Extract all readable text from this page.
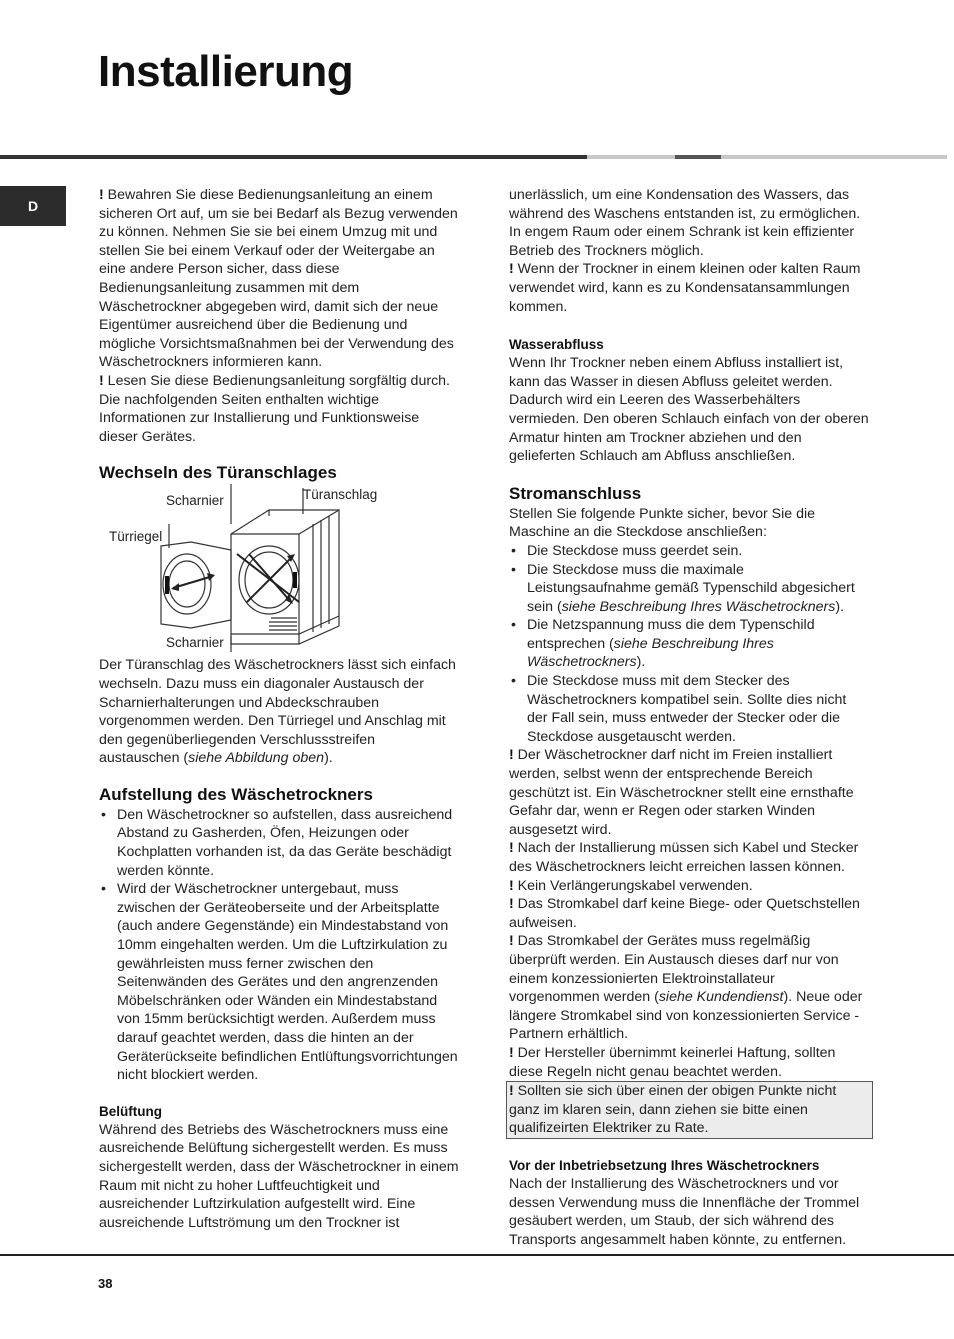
Installierung
D

! Bewahren Sie diese Bedienungsanleitung an einem sicheren Ort auf, um sie bei Bedarf als Bezug verwenden zu können. Nehmen Sie sie bei einem Umzug mit und stellen Sie bei einem Verkauf oder der Weitergabe an eine andere Person sicher, dass diese Bedienungsanleitung zusammen mit dem Wäschetrockner abgegeben wird, damit sich der neue Eigentümer ausreichend über die Bedienung und mögliche Vorsichtsmaßnahmen bei der Verwendung des Wäschetrockners informieren kann.

! Lesen Sie diese Bedienungsanleitung sorgfältig durch. Die nachfolgenden Seiten enthalten wichtige Informationen zur Installierung und Funktionsweise dieser Gerätes.

Wechseln des Türanschlages
Scharnier	Türanschlag
Türriegel
Scharnier

Der Türanschlag des Wäschetrockners lässt sich einfach wechseln. Dazu muss ein diagonaler Austausch der Scharnierhalterungen und Abdeckschrauben vorgenommen werden. Den Türriegel und Anschlag mit den gegenüberliegenden Verschlussstreifen austauschen (siehe Abbildung oben).

Aufstellung des Wäschetrockners
• Den Wäschetrockner so aufstellen, dass ausreichend Abstand zu Gasherden, Öfen, Heizungen oder Kochplatten vorhanden ist, da das Geräte beschädigt werden könnte.
• Wird der Wäschetrockner untergebaut, muss zwischen der Geräteoberseite und der Arbeitsplatte (auch andere Gegenstände) ein Mindestabstand von 10mm eingehalten werden. Um die Luftzirkulation zu gewährleisten muss ferner zwischen den Seitenwänden des Gerätes und den angrenzenden Möbelschränken oder Wänden ein Mindestabstand von 15mm berücksichtigt werden. Außerdem muss darauf geachtet werden, dass die hinten an der Geräterückseite befindlichen Entlüftungsvorrichtungen nicht blockiert werden.
Belüftung

Während des Betriebs des Wäschetrockners muss eine ausreichende Belüftung sichergestellt werden. Es muss sichergestellt werden, dass der Wäschetrockner in einem Raum mit nicht zu hoher Luftfeuchtigkeit und ausreichender Luftzirkulation aufgestellt wird. Eine ausreichende Luftströmung um den Trockner ist

unerlässlich, um eine Kondensation des Wassers, das während des Waschens entstanden ist, zu ermöglichen. In engem Raum oder einem Schrank ist kein effizienter Betrieb des Trockners möglich.

! Wenn der Trockner in einem kleinen oder kalten Raum verwendet wird, kann es zu Kondensatansammlungen kommen.

Wasserabfluss

Wenn Ihr Trockner neben einem Abfluss installiert ist, kann das Wasser in diesen Abfluss geleitet werden. Dadurch wird ein Leeren des Wasserbehälters vermieden. Den oberen Schlauch einfach von der oberen Armatur hinten am Trockner abziehen und den gelieferten Schlauch am Abfluss anschließen.

Stromanschluss

Stellen Sie folgende Punkte sicher, bevor Sie die Maschine an die Steckdose anschließen:

• Die Steckdose muss geerdet sein.
• Die Steckdose muss die maximale Leistungsaufnahme gemäß Typenschild abgesichert sein (siehe Beschreibung Ihres Wäschetrockners).
• Die Netzspannung muss die dem Typenschild entsprechen (siehe Beschreibung Ihres Wäschetrockners).
• Die Steckdose muss mit dem Stecker des Wäschetrockners kompatibel sein. Sollte dies nicht der Fall sein, muss entweder der Stecker oder die Steckdose ausgetauscht werden.

! Der Wäschetrockner darf nicht im Freien installiert werden, selbst wenn der entsprechende Bereich geschützt ist. Ein Wäschetrockner stellt eine ernsthafte Gefahr dar, wenn er Regen oder starken Winden ausgesetzt wird.

! Nach der Installierung müssen sich Kabel und Stecker des Wäschetrockners leicht erreichen lassen können.

! Kein Verlängerungskabel verwenden.

! Das Stromkabel darf keine Biege- oder Quetschstellen aufweisen.

! Das Stromkabel der Gerätes muss regelmäßig überprüft werden. Ein Austausch dieses darf nur von einem konzessionierten Elektroinstallateur vorgenommen werden (siehe Kundendienst). Neue oder längere Stromkabel sind von konzessionierten Service - Partnern erhältlich.

! Der Hersteller übernimmt keinerlei Haftung, sollten diese Regeln nicht genau beachtet werden.

! Sollten sie sich über einen der obigen Punkte nicht ganz im klaren sein, dann ziehen sie bitte einen qualifizeirten Elektriker zu Rate.

Vor der Inbetriebsetzung Ihres Wäschetrockners

Nach der Installierung des Wäschetrockners und vor dessen Verwendung muss die Innenfläche der Trommel gesäubert werden, um Staub, der sich während des Transports angesammelt haben könnte, zu entfernen.

38
